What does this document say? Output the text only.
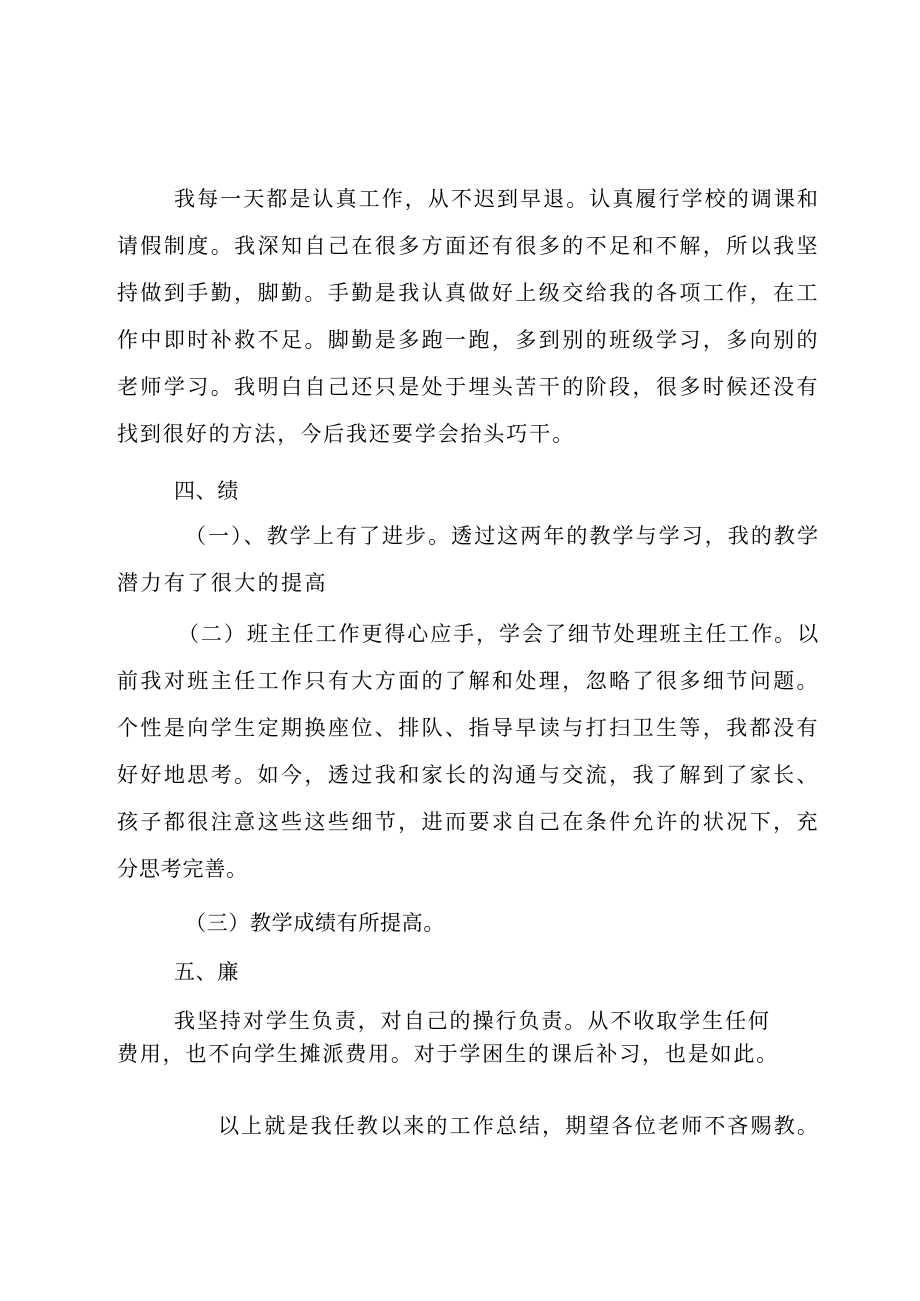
我每一天都是认真工作，从不迟到早退。认真履行学校的调课和
请假制度。我深知自己在很多方面还有很多的不足和不解，所以我坚
持做到手勤，脚勤。手勤是我认真做好上级交给我的各项工作，在工
作中即时补救不足。脚勤是多跑一跑，多到别的班级学习，多向别的
老师学习。我明白自己还只是处于埋头苦干的阶段，很多时候还没有
找到很好的方法，今后我还要学会抬头巧干。
四、绩
（一）、教学上有了进步。透过这两年的教学与学习，我的教学
潜力有了很大的提高
（二）班主任工作更得心应手，学会了细节处理班主任工作。以
前我对班主任工作只有大方面的了解和处理，忽略了很多细节问题。
个性是向学生定期换座位、排队、指导早读与打扫卫生等，我都没有
好好地思考。如今，透过我和家长的沟通与交流，我了解到了家长、
孩子都很注意这些这些细节，进而要求自己在条件允许的状况下，充
分思考完善。
（三）教学成绩有所提高。
五、廉
我坚持对学生负责，对自己的操行负责。从不收取学生任何
费用，也不向学生摊派费用。对于学困生的课后补习，也是如此。
以上就是我任教以来的工作总结，期望各位老师不吝赐教。
